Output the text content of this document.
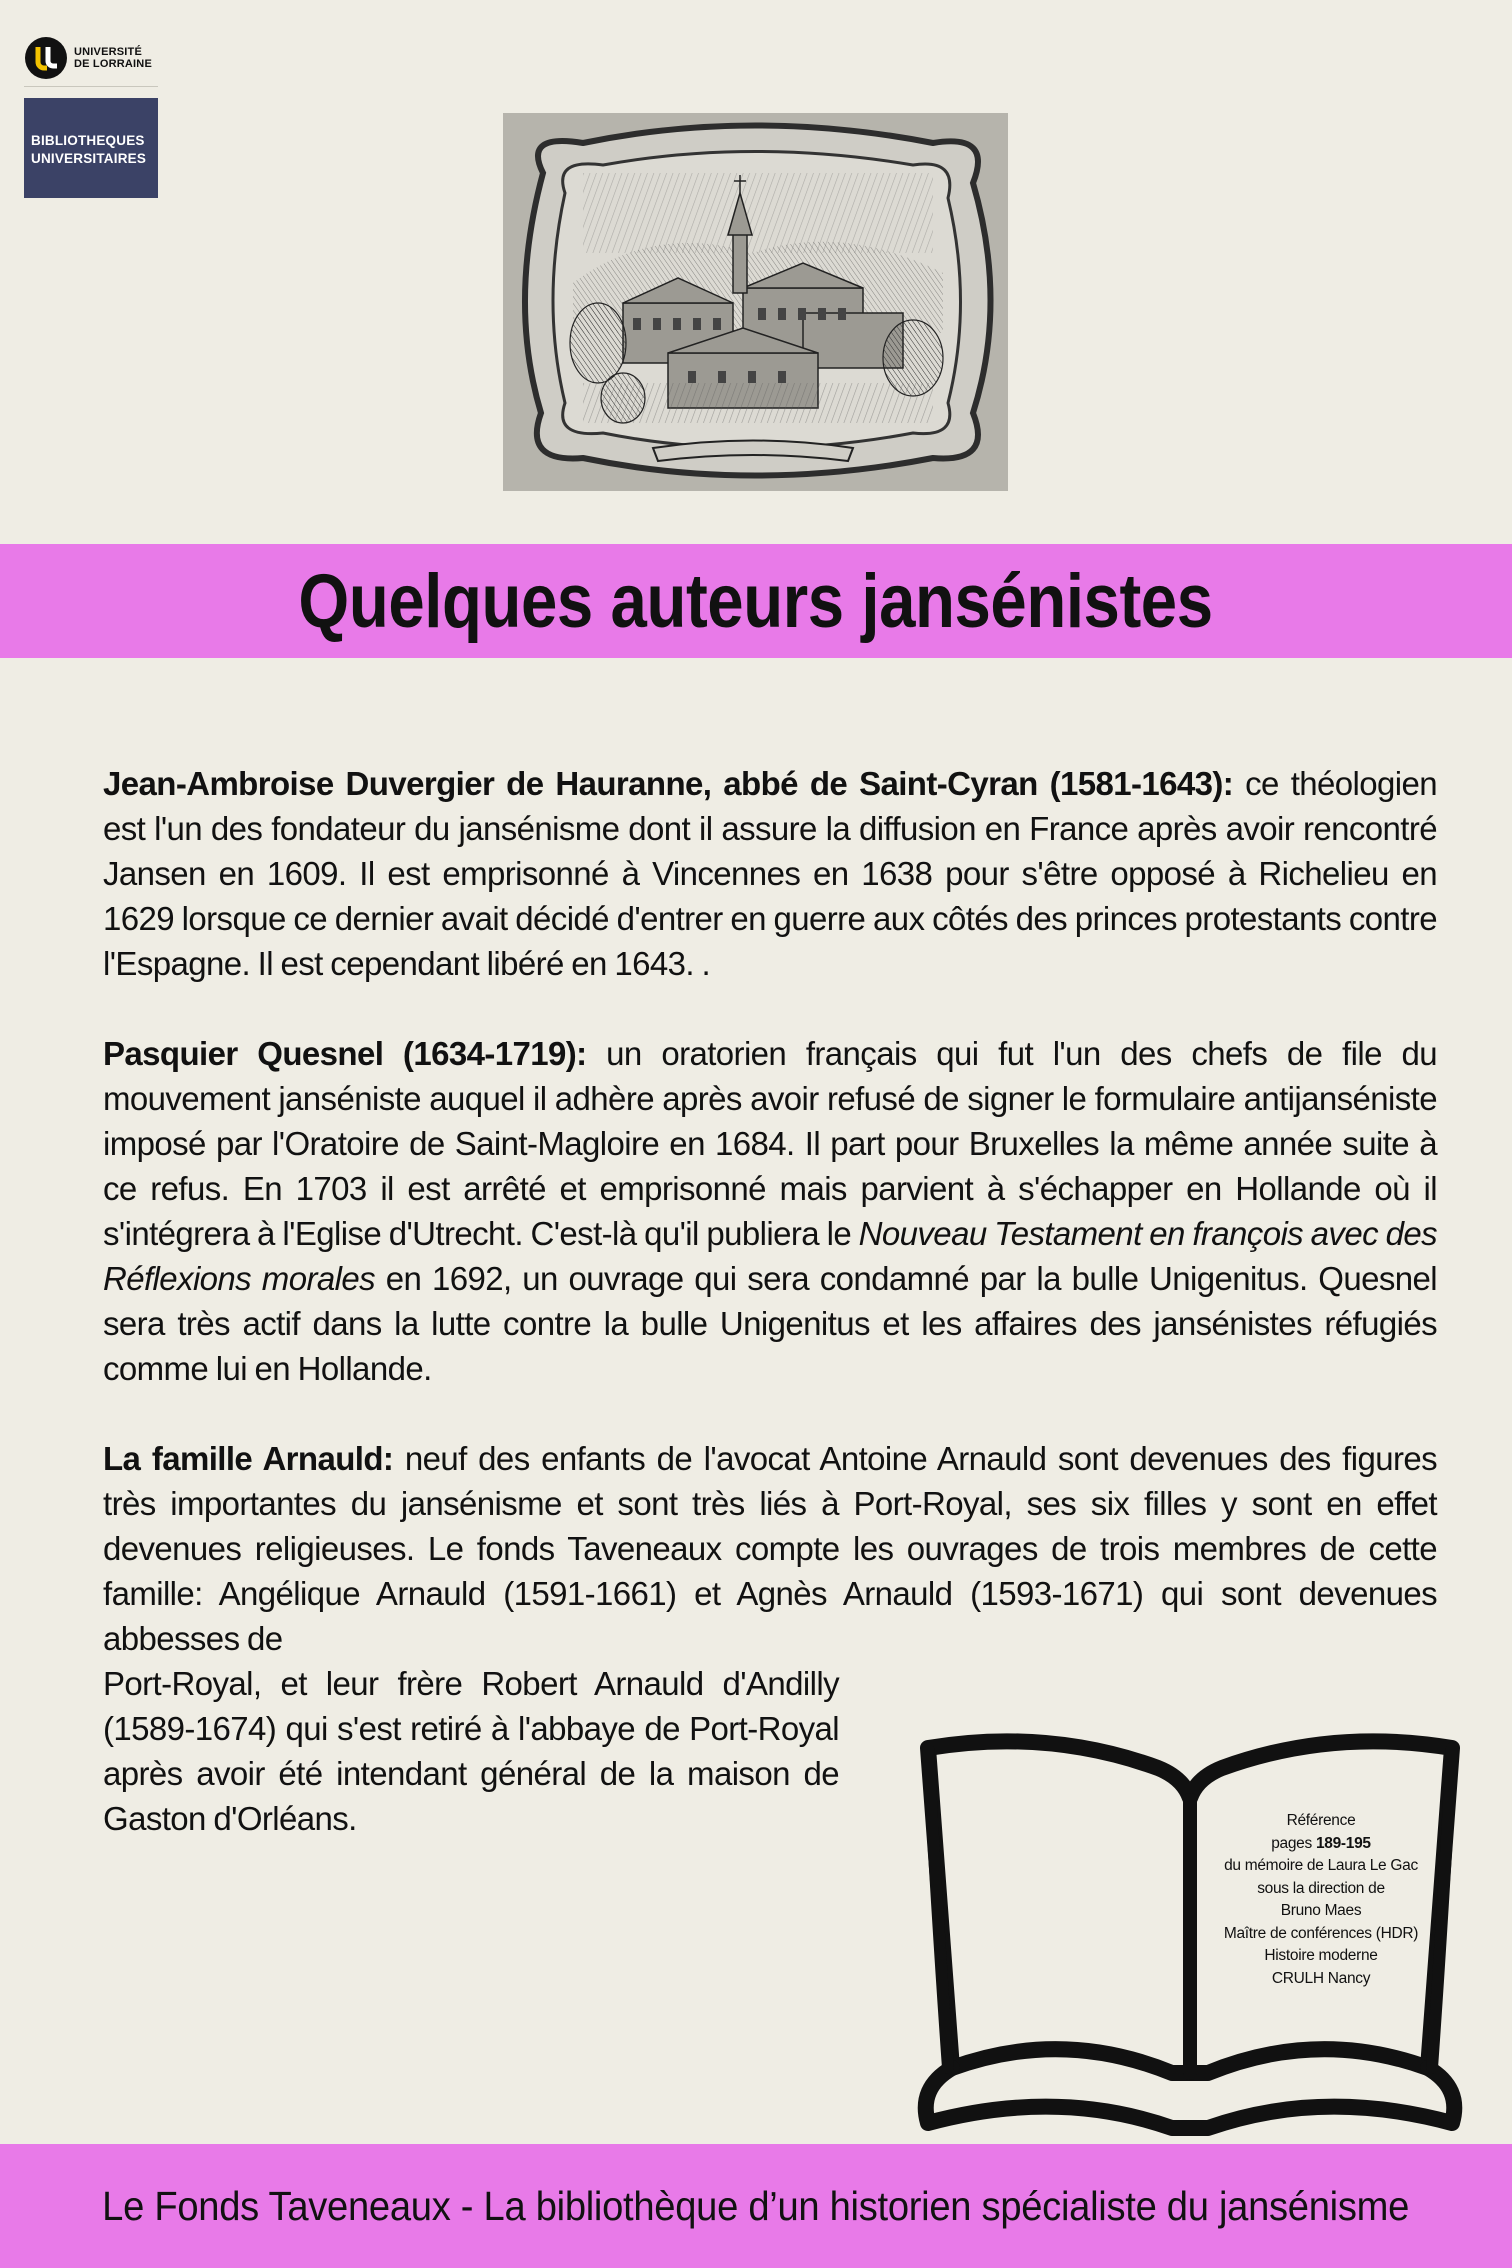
UNIVERSITÉ
DE LORRAINE
BIBLIOTHEQUES
UNIVERSITAIRES
Quelques auteurs jansénistes

Jean-Ambroise Duvergier de Hauranne, abbé de Saint-Cyran (1581-1643): ce théologien est l'un des fondateur du jansénisme dont il assure la diffusion en France après avoir rencontré Jansen en 1609. Il est emprisonné à Vincennes en 1638 pour s'être opposé à Richelieu en 1629 lorsque ce dernier avait décidé d'entrer en guerre aux côtés des princes protestants contre l'Espagne. Il est cependant libéré en 1643. .

Pasquier Quesnel (1634-1719): un oratorien français qui fut l'un des chefs de file du mouvement janséniste auquel il adhère après avoir refusé de signer le formulaire antijanséniste imposé par l'Oratoire de Saint-Magloire en 1684. Il part pour Bruxelles la même année suite à ce refus. En 1703 il est arrêté et emprisonné mais parvient à s'échapper en Hollande où il s'intégrera à l'Eglise d'Utrecht. C'est-là qu'il publiera le Nouveau Testament en françois avec des Réflexions morales en 1692, un ouvrage qui sera condamné par la bulle Unigenitus. Quesnel sera très actif dans la lutte contre la bulle Unigenitus et les affaires des jansénistes réfugiés comme lui en Hollande.

La famille Arnauld: neuf des enfants de l'avocat Antoine Arnauld sont devenues des figures très importantes du jansénisme et sont très liés à Port-Royal, ses six filles y sont en effet devenues religieuses. Le fonds Taveneaux compte les ouvrages de trois membres de cette famille: Angélique Arnauld (1591-1661) et Agnès Arnauld (1593-1671) qui sont devenues abbesses de

Port-Royal, et leur frère Robert Arnauld d'Andilly (1589-1674) qui s'est retiré à l'abbaye de Port-Royal après avoir été intendant général de la maison de Gaston d'Orléans.	Référence
pages 189-195
du mémoire de Laura Le Gac
sous la direction de
Bruno Maes
Maître de conférences (HDR)
Histoire moderne
CRULH Nancy
Le Fonds Taveneaux - La bibliothèque d’un historien spécialiste du jansénisme
